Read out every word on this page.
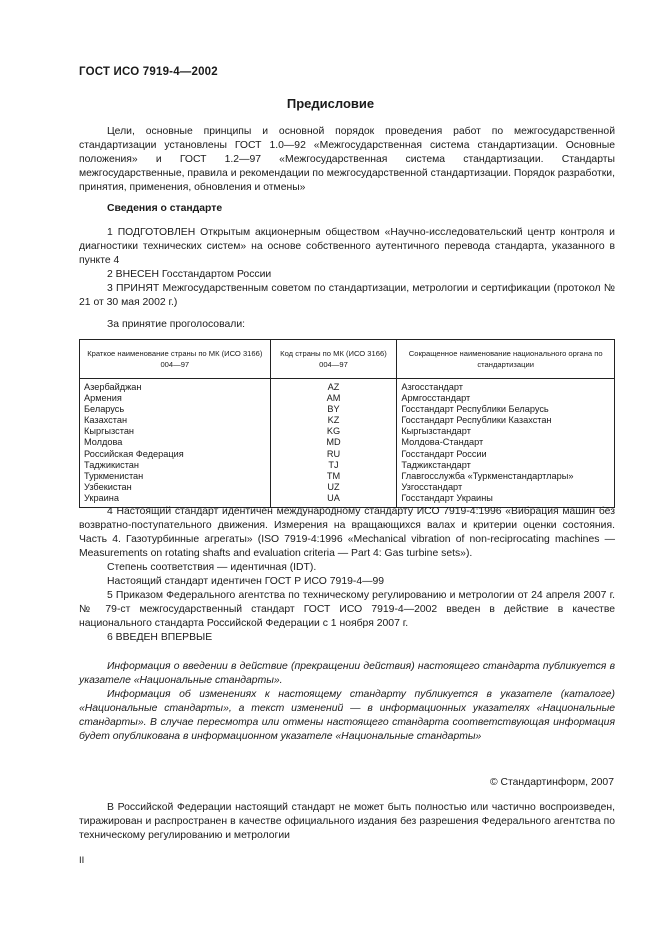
ГОСТ ИСО 7919-4—2002
Предисловие

Цели, основные принципы и основной порядок проведения работ по межгосударственной стандартизации установлены ГОСТ 1.0—92 «Межгосударственная система стандартизации. Основные положения» и ГОСТ 1.2—97 «Межгосударственная система стандартизации. Стандарты межгосударственные, правила и рекомендации по межгосударственной стандартизации. Порядок разработки, принятия, применения, обновления и отмены»

Сведения о стандарте

1 ПОДГОТОВЛЕН Открытым акционерным обществом «Научно-исследовательский центр контроля и диагностики технических систем» на основе собственного аутентичного перевода стандарта, указанного в пункте 4

2 ВНЕСЕН Госстандартом России

3 ПРИНЯТ Межгосударственным советом по стандартизации, метрологии и сертификации (протокол № 21 от 30 мая 2002 г.)

За принятие проголосовали:

Краткое наименование страны по МК (ИСО 3166) 004—97	Код страны по МК (ИСО 3166) 004—97	Сокращенное наименование национального органа по стандартизации
Азербайджан	AZ	Азгосстандарт
Армения	AM	Армгосстандарт
Беларусь	BY	Госстандарт Республики Беларусь
Казахстан	KZ	Госстандарт Республики Казахстан
Кыргызстан	KG	Кыргызстандарт
Молдова	MD	Молдова-Стандарт
Российская Федерация	RU	Госстандарт России
Таджикистан	TJ	Таджикстандарт
Туркменистан	TM	Главгосслужба «Туркменстандартлары»
Узбекистан	UZ	Узгосстандарт
Украина	UA	Госстандарт Украины

4 Настоящий стандарт идентичен международному стандарту ИСО 7919-4:1996 «Вибрация машин без возвратно-поступательного движения. Измерения на вращающихся валах и критерии оценки состояния. Часть 4. Газотурбинные агрегаты» (ISO 7919-4:1996 «Mechanical vibration of non-reciprocating machines — Measurements on rotating shafts and evaluation criteria — Part 4: Gas turbine sets»).

Степень соответствия — идентичная (IDT).

Настоящий стандарт идентичен ГОСТ Р ИСО 7919-4—99

5 Приказом Федерального агентства по техническому регулированию и метрологии от 24 апреля 2007 г. № 79-ст межгосударственный стандарт ГОСТ ИСО 7919-4—2002 введен в действие в качестве национального стандарта Российской Федерации с 1 ноября 2007 г.

6 ВВЕДЕН ВПЕРВЫЕ

Информация о введении в действие (прекращении действия) настоящего стандарта публикуется в указателе «Национальные стандарты».

Информация об изменениях к настоящему стандарту публикуется в указателе (каталоге) «Национальные стандарты», а текст изменений — в информационных указателях «Национальные стандарты». В случае пересмотра или отмены настоящего стандарта соответствующая информация будет опубликована в информационном указателе «Национальные стандарты»

© Стандартинформ, 2007

В Российской Федерации настоящий стандарт не может быть полностью или частично воспроизведен, тиражирован и распространен в качестве официального издания без разрешения Федерального агентства по техническому регулированию и метрологии

II
